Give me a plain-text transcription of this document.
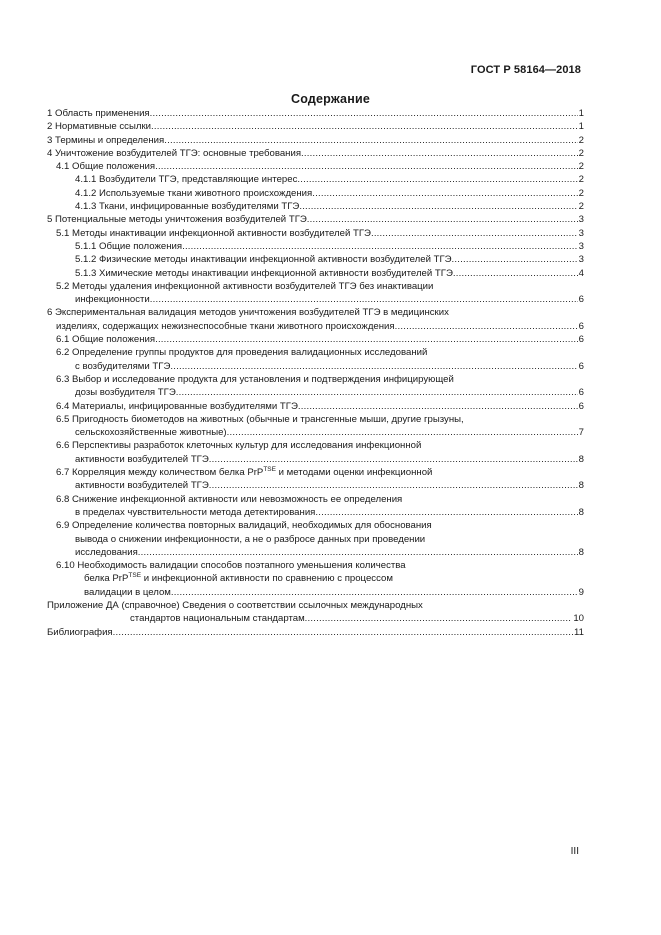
ГОСТ Р 58164—2018
Содержание
1 Область применения .....	1
2 Нормативные ссылки .....	1
3 Термины и определения .....	2
4 Уничтожение возбудителей ТГЭ: основные требования .....	2
4.1 Общие положения .....	2
4.1.1 Возбудители ТГЭ, представляющие интерес .....	2
4.1.2 Используемые ткани животного происхождения .....	2
4.1.3 Ткани, инфицированные возбудителями ТГЭ .....	2
5 Потенциальные методы уничтожения возбудителей ТГЭ .....	3
5.1 Методы инактивации инфекционной активности возбудителей ТГЭ .....	3
5.1.1 Общие положения .....	3
5.1.2 Физические методы инактивации инфекционной активности возбудителей ТГЭ .....	3
5.1.3 Химические методы инактивации инфекционной активности возбудителей ТГЭ .....	4
5.2 Методы удаления инфекционной активности возбудителей ТГЭ без инактивации
инфекционности .....	6
6 Экспериментальная валидация методов уничтожения возбудителей ТГЭ в медицинских
изделиях, содержащих нежизнеспособные ткани животного происхождения .....	6
6.1 Общие положения .....	6
6.2 Определение группы продуктов для проведения валидационных исследований
с возбудителями ТГЭ .....	6
6.3 Выбор и исследование продукта для установления и подтверждения инфицирующей
дозы возбудителя ТГЭ .....	6
6.4 Материалы, инфицированные возбудителями ТГЭ .....	6
6.5 Пригодность биометодов на животных (обычные и трансгенные мыши, другие грызуны,
сельскохозяйственные животные) .....	7
6.6 Перспективы разработок клеточных культур для исследования инфекционной
активности возбудителей ТГЭ .....	8
6.7 Корреляция между количеством белка PrP$^{TSE}$ и методами оценки инфекционной
активности возбудителей ТГЭ .....	8
6.8 Снижение инфекционной активности или невозможность ее определения
в пределах чувствительности метода детектирования .....	8
6.9 Определение количества повторных валидаций, необходимых для обоснования
вывода о снижении инфекционности, а не о разбросе данных при проведении
исследования .....	8
6.10 Необходимость валидации способов поэтапного уменьшения количества
белка PrP$^{TSE}$ и инфекционной активности по сравнению с процессом
валидации в целом .....	9
Приложение ДА (справочное) Сведения о соответствии ссылочных международных
стандартов национальным стандартам .....	10
Библиография .....	11
III
